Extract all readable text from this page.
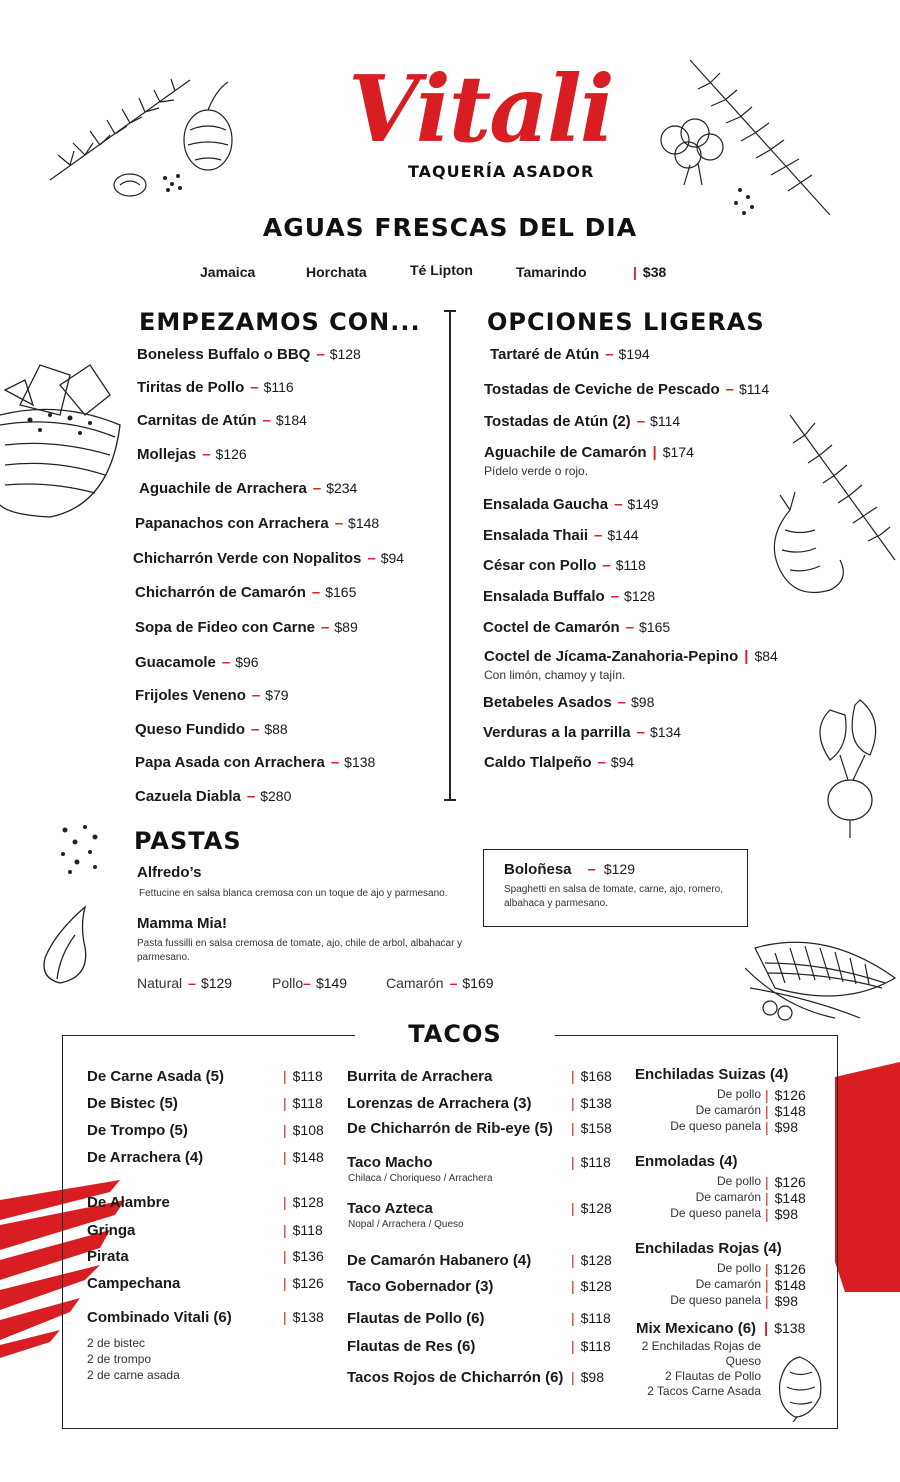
Vitali
TAQUERÍA ASADOR
AGUAS FRESCAS DEL DIA
Jamaica	Horchata	Té Lipton	Tamarindo	| $38
EMPEZAMOS CON...
Boneless Buffalo o BBQ – $128
Tiritas de Pollo – $116
Carnitas de Atún – $184
Mollejas – $126
Aguachile de Arrachera – $234
Papanachos con Arrachera – $148
Chicharrón Verde con Nopalitos – $94
Chicharrón de Camarón – $165
Sopa de Fideo con Carne – $89
Guacamole – $96
Frijoles Veneno – $79
Queso Fundido – $88
Papa Asada con Arrachera – $138
Cazuela Diabla – $280
OPCIONES LIGERAS
Tartaré de Atún – $194
Tostadas de Ceviche de Pescado – $114
Tostadas de Atún (2) – $114
Aguachile de Camarón | $174
Pídelo verde o rojo.
Ensalada Gaucha – $149
Ensalada Thaii – $144
César con Pollo – $118
Ensalada Buffalo – $128
Coctel de Camarón – $165
Coctel de Jícama-Zanahoria-Pepino | $84
Con limón, chamoy y tajín.
Betabeles Asados – $98
Verduras a la parrilla – $134
Caldo Tlalpeño – $94
PASTAS
Alfredo’s
Fettucine en salsa blanca cremosa con un toque de ajo y parmesano.
Mamma Mia!
Pasta fussilli en salsa cremosa de tomate, ajo, chile de arbol, albahacar y parmesano.
Natural – $129	Pollo– $149	Camarón – $169
Boloñesa – $129
Spaghetti en salsa de tomate, carne, ajo, romero, albahaca y parmesano.
TACOS
De Carne Asada (5)	| $118
De Bistec (5)	| $118
De Trompo (5)	| $108
De Arrachera (4)	| $148
De Alambre	| $128
Gringa	| $118
Pirata	| $136
Campechana	| $126
Combinado Vitali (6)	| $138
Burrita de Arrachera	| $168
Lorenzas de Arrachera (3)	| $138
De Chicharrón de Rib-eye (5) | $158
Taco Macho	| $118
Chilaca / Choriqueso / Arrachera
Taco Azteca	| $128
Nopal / Arrachera / Queso
De Camarón Habanero (4)	| $128
Taco Gobernador (3)	| $128
Flautas de Pollo (6)	| $118
Flautas de Res (6)	| $118
Tacos Rojos de Chicharrón (6) | $98
Enchiladas Suizas (4)
De pollo | $126
De camarón | $148
De queso panela | $98
Enmoladas (4)
De pollo | $126
De camarón | $148
De queso panela | $98
Enchiladas Rojas (4)
De pollo | $126
De camarón | $148
De queso panela | $98
2 de bistec
2 de trompo
2 de carne asada
Mix Mexicano (6) | $138
2 Enchiladas Rojas de Queso
2 Flautas de Pollo
2 Tacos Carne Asada
